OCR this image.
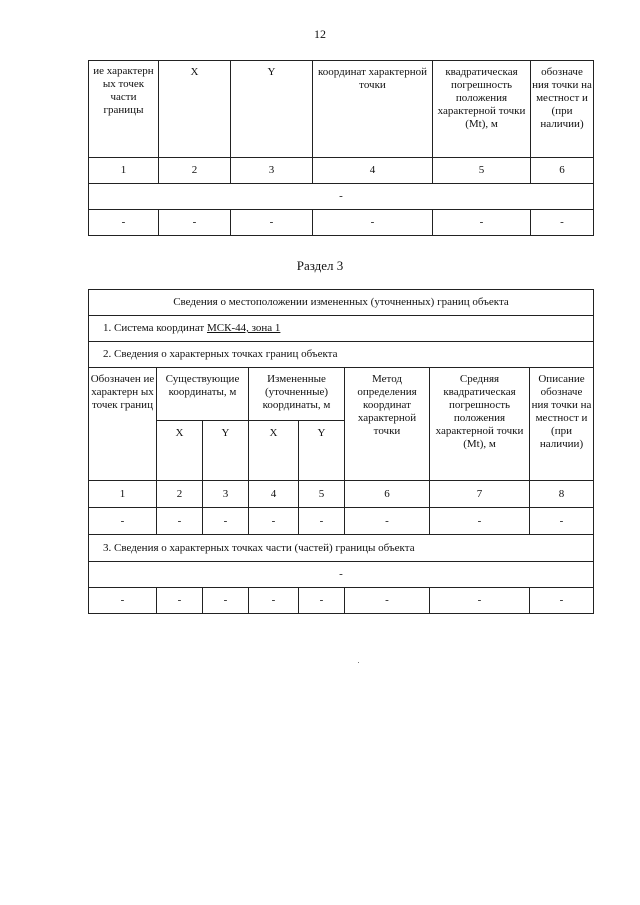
12
ие характерн ых точек части границы	X	Y	координат характерной точки	квадратическая погрешность положения характерной точки (Mt), м	обозначе ния точки на местност и (при наличии)
1	2	3	4	5	6
-					
-	-	-	-	-	-
Раздел 3
Сведения о местоположении измененных (уточненных) границ объекта							
1. Система координат МСК-44, зона 1							
2. Сведения о характерных точках границ объекта							
Обозначен ие характерн ых точек границ	Существующие координаты, м		Измененные (уточненные) координаты, м		Метод определения координат характерной точки	Средняя квадратическая погрешность положения характерной точки (Mt), м	Описание обозначе ния точки на местност и (при наличии)
	X	Y	X	Y			
1	2	3	4	5	6	7	8
-	-	-	-	-	-	-	-
3. Сведения о характерных точках части (частей) границы объекта							
-							
-	-	-	-	-	-	-	-
